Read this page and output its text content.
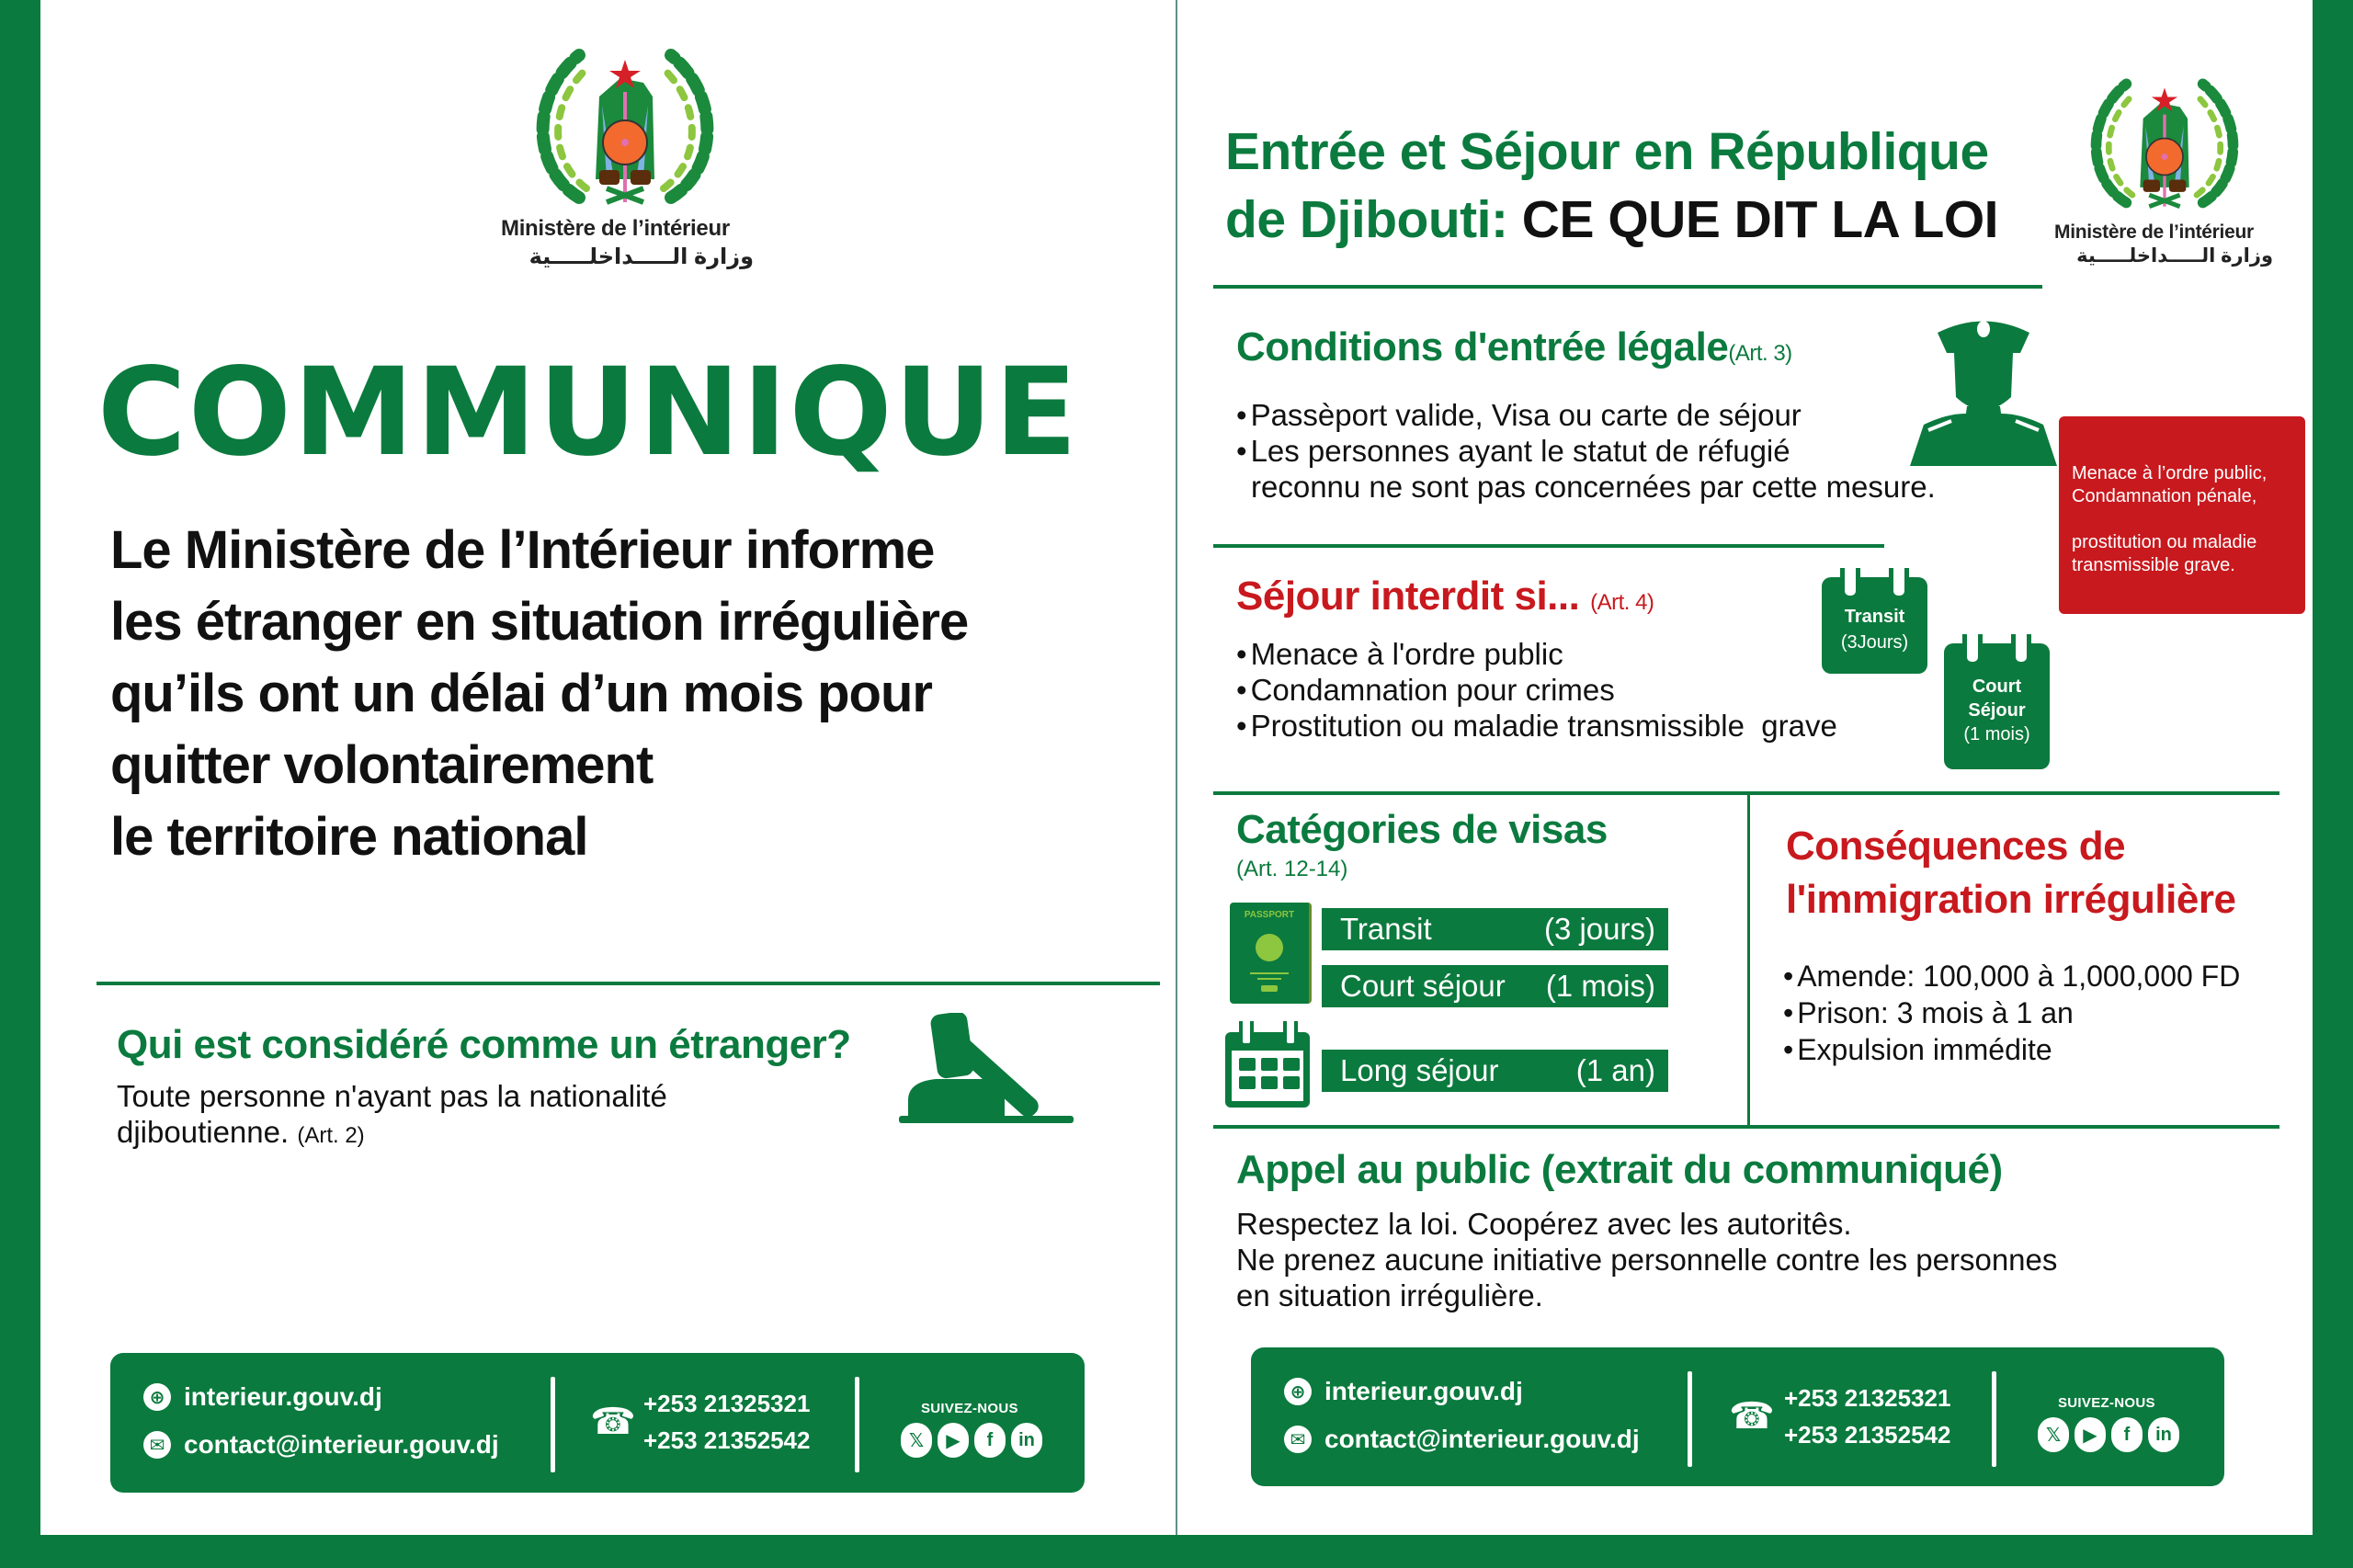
Ministère de l’intérieur
وزارة الـــــداخلـــــية
COMMUNIQUE
Le Ministère de l’Intérieur informe
les étranger en situation irrégulière
qu’ils ont un délai d’un mois pour
quitter volontairement
le territoire national
Qui est considéré comme un étranger?
Toute personne n'ayant pas la nationalité
djiboutienne. (Art. 2)
⊕ interieur.gouv.dj
✉ contact@interieur.gouv.dj
☎ +253 21325321
+253 21352542
SUIVEZ-NOUS
𝕏	▶	f	in
Entrée et Séjour en République
de Djibouti: CE QUE DIT LA LOI	Ministère de l’intérieur
وزارة الـــــداخلـــــية
Conditions d'entrée légale(Art. 3)
• Passèport valide, Visa ou carte de séjour
• Les personnes ayant le statut de réfugié
reconnu ne sont pas concernées par cette mesure.	Menace à l’ordre public,
Condamnation pénale,
prostitution ou maladie
transmissible grave.
Séjour interdit si... (Art. 4)
• Menace à l'ordre public
• Condamnation pour crimes
• Prostitution ou maladie transmissible  grave
Transit
(3Jours)
Court
Séjour
(1 mois)
Catégories de visas
(Art. 12-14)
PASSPORT	Transit	(3 jours)
Court séjour (1 mois)
Long séjour	(1 an)
Conséquences de
l'immigration irrégulière
• Amende: 100,000 à 1,000,000 FD
• Prison: 3 mois à 1 an
• Expulsion immédite
Appel au public (extrait du communiqué)
Respectez la loi. Coopérez avec les autoritês.
Ne prenez aucune initiative personnelle contre les personnes
en situation irrégulière.
⊕ interieur.gouv.dj
✉ contact@interieur.gouv.dj
☎ +253 21325321
+253 21352542
SUIVEZ-NOUS
𝕏	▶	f	in
